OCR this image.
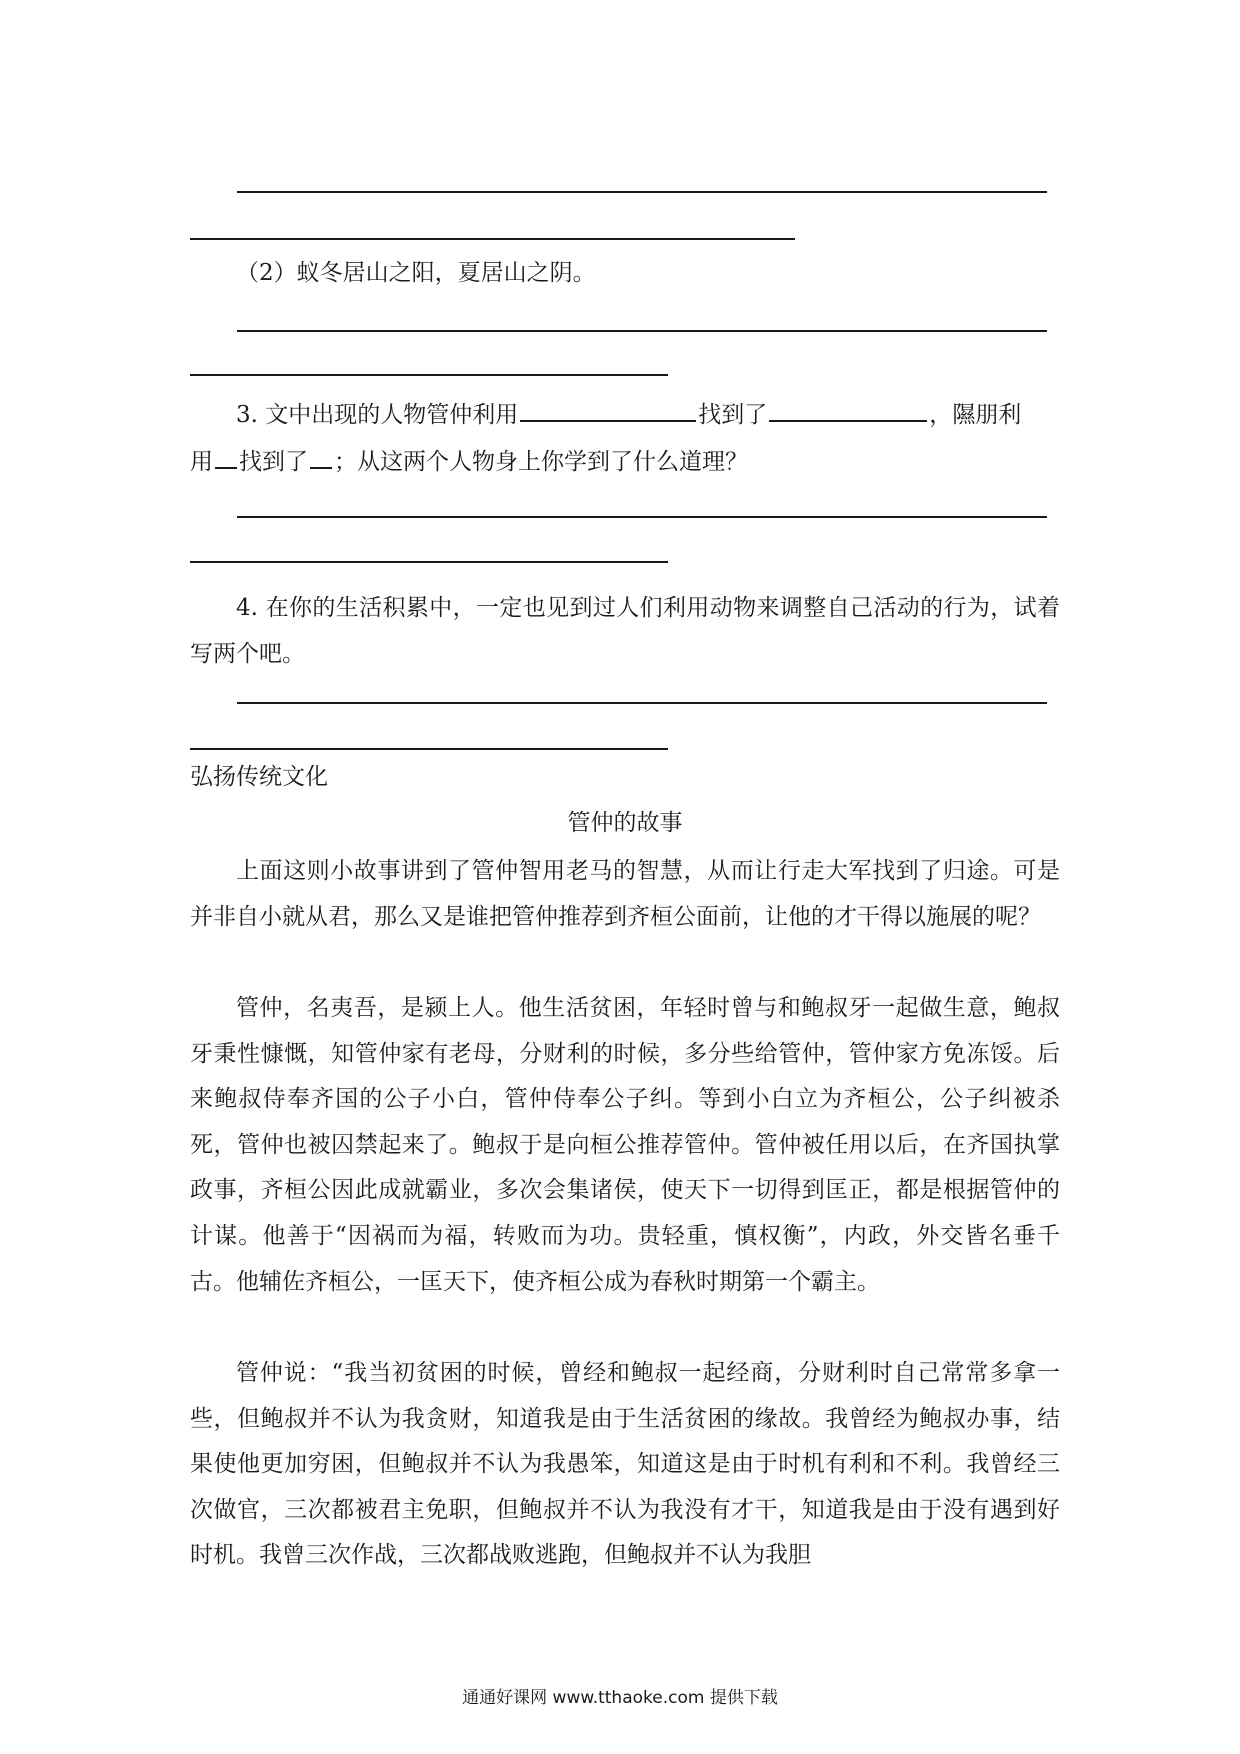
（2）蚁冬居山之阳，夏居山之阴。
3. 文中出现的人物管仲利用	找到了	，隰朋利
用 找到了 ；从这两个人物身上你学到了什么道理？
4. 在你的生活积累中，一定也见到过人们利用动物来调整自己活动的行为，试着写两个吧。
弘扬传统文化
管仲的故事
上面这则小故事讲到了管仲智用老马的智慧，从而让行走大军找到了归途。可是并非自小就从君，那么又是谁把管仲推荐到齐桓公面前，让他的才干得以施展的呢？
管仲，名夷吾，是颍上人。他生活贫困，年轻时曾与和鲍叔牙一起做生意，鲍叔牙秉性慷慨，知管仲家有老母，分财利的时候，多分些给管仲，管仲家方免冻馁。后来鲍叔侍奉齐国的公子小白，管仲侍奉公子纠。等到小白立为齐桓公，公子纠被杀死，管仲也被囚禁起来了。鲍叔于是向桓公推荐管仲。管仲被任用以后，在齐国执掌政事，齐桓公因此成就霸业，多次会集诸侯，使天下一切得到匡正，都是根据管仲的计谋。他善于“因祸而为福，转败而为功。贵轻重，慎权衡”，内政，外交皆名垂千古。他辅佐齐桓公，一匡天下，使齐桓公成为春秋时期第一个霸主。
管仲说：“我当初贫困的时候，曾经和鲍叔一起经商，分财利时自己常常多拿一些，但鲍叔并不认为我贪财，知道我是由于生活贫困的缘故。我曾经为鲍叔办事，结果使他更加穷困，但鲍叔并不认为我愚笨，知道这是由于时机有利和不利。我曾经三次做官，三次都被君主免职，但鲍叔并不认为我没有才干，知道我是由于没有遇到好时机。我曾三次作战，三次都战败逃跑，但鲍叔并不认为我胆
通通好课网 www.tthaoke.com 提供下载
